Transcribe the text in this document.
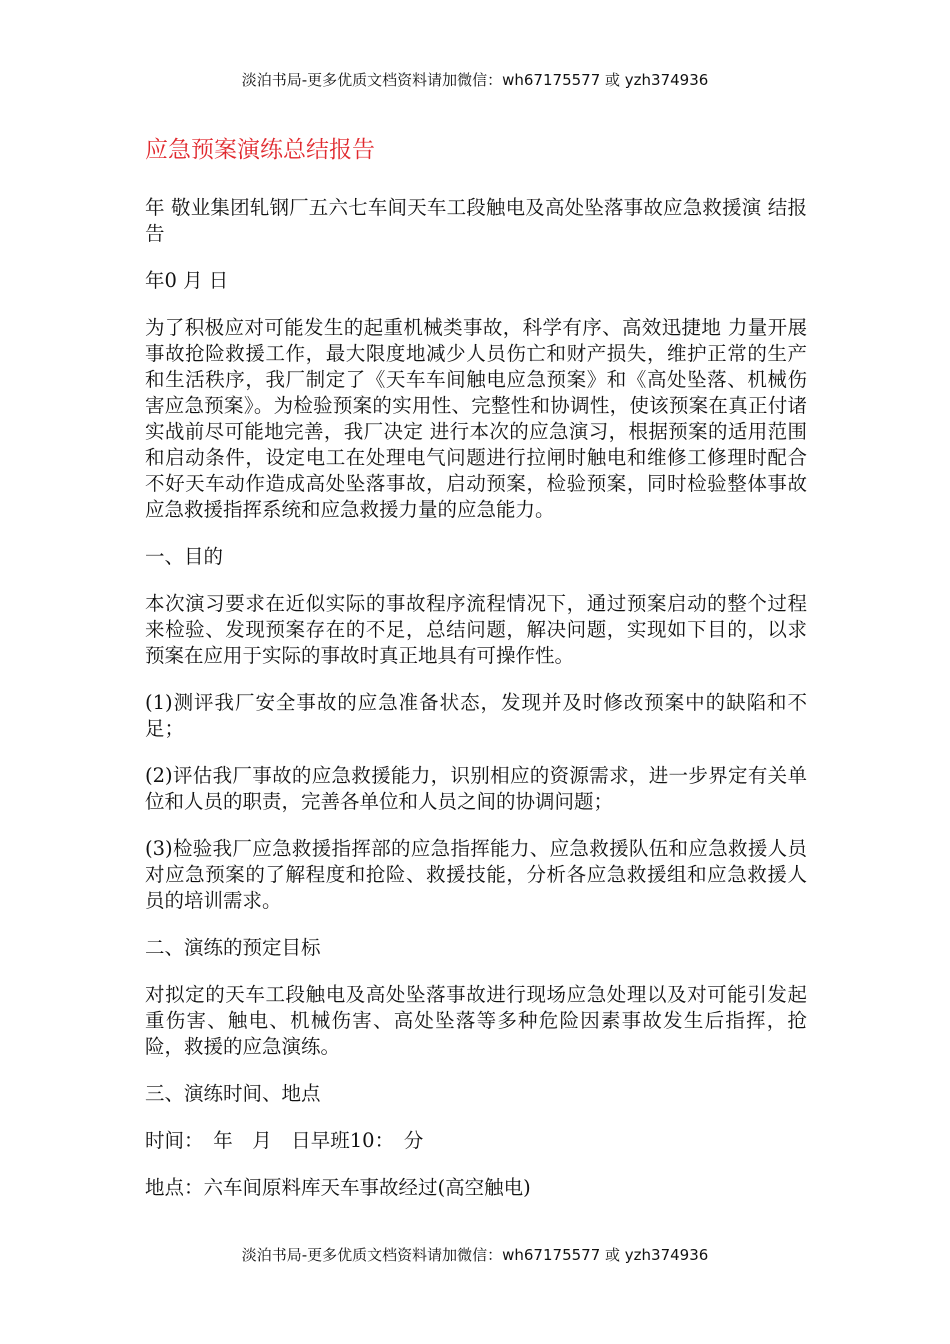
淡泊书局-更多优质文档资料请加微信：wh67175577 或 yzh374936
应急预案演练总结报告

年 敬业集团轧钢厂五六七车间天车工段触电及高处坠落事故应急救援演 结报告

年0 月 日

为了积极应对可能发生的起重机械类事故，科学有序、高效迅捷地 力量开展事故抢险救援工作，最大限度地减少人员伤亡和财产损失，维护正常的生产和生活秩序，我厂制定了《天车车间触电应急预案》和《高处坠落、机械伤害应急预案》。为检验预案的实用性、完整性和协调性，使该预案在真正付诸实战前尽可能地完善，我厂决定 进行本次的应急演习，根据预案的适用范围和启动条件，设定电工在处理电气问题进行拉闸时触电和维修工修理时配合不好天车动作造成高处坠落事故，启动预案，检验预案，同时检验整体事故应急救援指挥系统和应急救援力量的应急能力。

一、目的

本次演习要求在近似实际的事故程序流程情况下，通过预案启动的整个过程来检验、发现预案存在的不足，总结问题，解决问题，实现如下目的，以求预案在应用于实际的事故时真正地具有可操作性。

(1)测评我厂安全事故的应急准备状态，发现并及时修改预案中的缺陷和不足；

(2)评估我厂事故的应急救援能力，识别相应的资源需求，进一步界定有关单位和人员的职责，完善各单位和人员之间的协调问题；

(3)检验我厂应急救援指挥部的应急指挥能力、应急救援队伍和应急救援人员对应急预案的了解程度和抢险、救援技能，分析各应急救援组和应急救援人员的培训需求。

二、演练的预定目标

对拟定的天车工段触电及高处坠落事故进行现场应急处理以及对可能引发起重伤害、触电、机械伤害、高处坠落等多种危险因素事故发生后指挥，抢险，救援的应急演练。

三、演练时间、地点

时间：　年　月　日早班10：　分

地点：六车间原料库天车事故经过(高空触电)

淡泊书局-更多优质文档资料请加微信：wh67175577 或 yzh374936
